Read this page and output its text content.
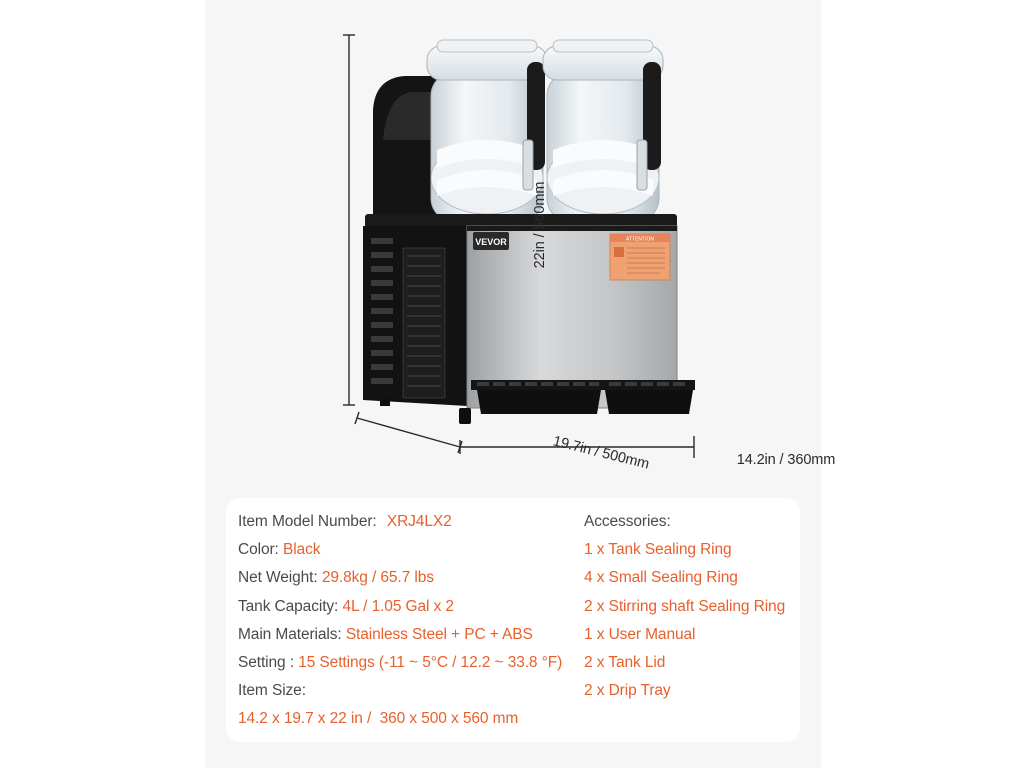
VEVOR	ATTENTION
22in / 560mm
19.7in / 500mm	14.2in / 360mm
Item Model Number: XRJ4LX2
Color: Black
Net Weight: 29.8kg / 65.7 lbs
Tank Capacity: 4L / 1.05 Gal x 2
Main Materials: Stainless Steel + PC + ABS
Setting : 15 Settings (-11 ~ 5°C / 12.2 ~ 33.8 °F)
Item Size:
14.2 x 19.7 x 22 in /  360 x 500 x 560 mm
Accessories:
1 x Tank Sealing Ring
4 x Small Sealing Ring
2 x Stirring shaft Sealing Ring
1 x User Manual
2 x Tank Lid
2 x Drip Tray
